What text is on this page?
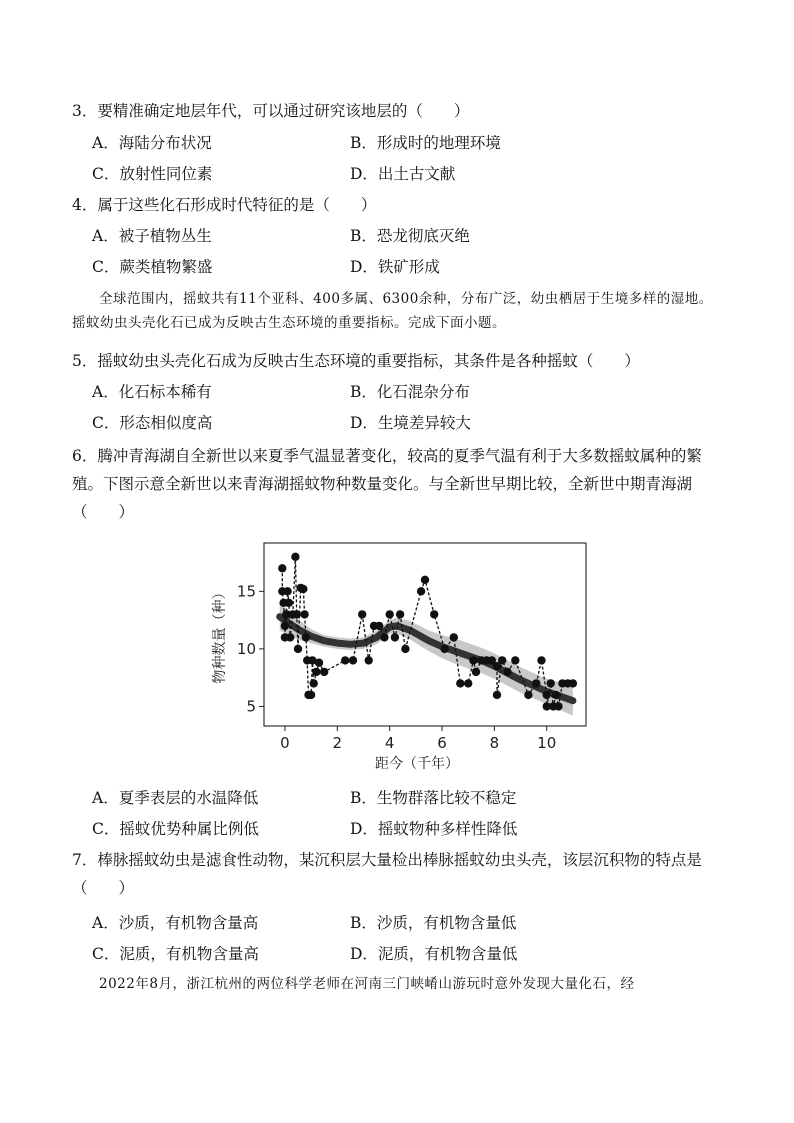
3．要精准确定地层年代，可以通过研究该地层的（　　）
A．海陆分布状况	B．形成时的地理环境
C．放射性同位素	D．出土古文献
4．属于这些化石形成时代特征的是（　　）
A．被子植物丛生	B．恐龙彻底灭绝
C．蕨类植物繁盛	D．铁矿形成

全球范围内，摇蚊共有11个亚科、400多属、6300余种，分布广泛，幼虫栖居于生境多样的湿地。摇蚊幼虫头壳化石已成为反映古生态环境的重要指标。完成下面小题。

5．摇蚊幼虫头壳化石成为反映古生态环境的重要指标，其条件是各种摇蚊（　　）
A．化石标本稀有	B．化石混杂分布
C．形态相似度高	D．生境差异较大
6．腾冲青海湖自全新世以来夏季气温显著变化，较高的夏季气温有利于大多数摇蚊属种的繁殖。下图示意全新世以来青海湖摇蚊物种数量变化。与全新世早期比较，全新世中期青海湖（　　）
0	2	4	6	8	10
5
10
15
距今（千年）
物种数量（种）
A．夏季表层的水温降低	B．生物群落比较不稳定
C．摇蚊优势种属比例低	D．摇蚊物种多样性降低
7．棒脉摇蚊幼虫是滤食性动物，某沉积层大量检出棒脉摇蚊幼虫头壳，该层沉积物的特点是（　　）
A．沙质，有机物含量高	B．沙质，有机物含量低
C．泥质，有机物含量高	D．泥质，有机物含量低

2022年8月，浙江杭州的两位科学老师在河南三门峡崤山游玩时意外发现大量化石，经
